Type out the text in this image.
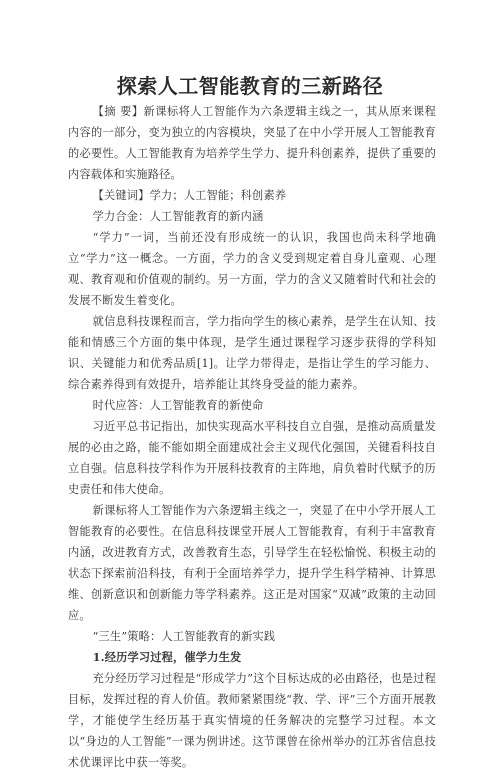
探索人工智能教育的三新路径

【摘 要】新课标将人工智能作为六条逻辑主线之一，其从原来课程内容的一部分，变为独立的内容模块，突显了在中小学开展人工智能教育的必要性。人工智能教育为培养学生学力、提升科创素养，提供了重要的内容载体和实施路径。

【关键词】学力；人工智能；科创素养

学力合金：人工智能教育的新内涵

“学力”一词，当前还没有形成统一的认识，我国也尚未科学地确立“学力”这一概念。一方面，学力的含义受到规定着自身儿童观、心理观、教育观和价值观的制约。另一方面，学力的含义又随着时代和社会的发展不断发生着变化。

就信息科技课程而言，学力指向学生的核心素养，是学生在认知、技能和情感三个方面的集中体现，是学生通过课程学习逐步获得的学科知识、关键能力和优秀品质[1]。让学力带得走，是指让学生的学习能力、综合素养得到有效提升，培养能让其终身受益的能力素养。

时代应答：人工智能教育的新使命

习近平总书记指出，加快实现高水平科技自立自强，是推动高质量发展的必由之路，能不能如期全面建成社会主义现代化强国，关键看科技自立自强。信息科技学科作为开展科技教育的主阵地，肩负着时代赋予的历史责任和伟大使命。

新课标将人工智能作为六条逻辑主线之一，突显了在中小学开展人工智能教育的必要性。在信息科技课堂开展人工智能教育，有利于丰富教育内涵，改进教育方式，改善教育生态，引导学生在轻松愉悦、积极主动的状态下探索前沿科技，有利于全面培养学力，提升学生科学精神、计算思维、创新意识和创新能力等学科素养。这正是对国家“双减”政策的主动回应。

“三生”策略：人工智能教育的新实践

1.经历学习过程，催学力生发

充分经历学习过程是“形成学力”这个目标达成的必由路径，也是过程目标，发挥过程的育人价值。教师紧紧围绕“教、学、评”三个方面开展教学，才能使学生经历基于真实情境的任务解决的完整学习过程。本文以“身边的人工智能”一课为例讲述。这节课曾在徐州举办的江苏省信息技术优课评比中获一等奖。
